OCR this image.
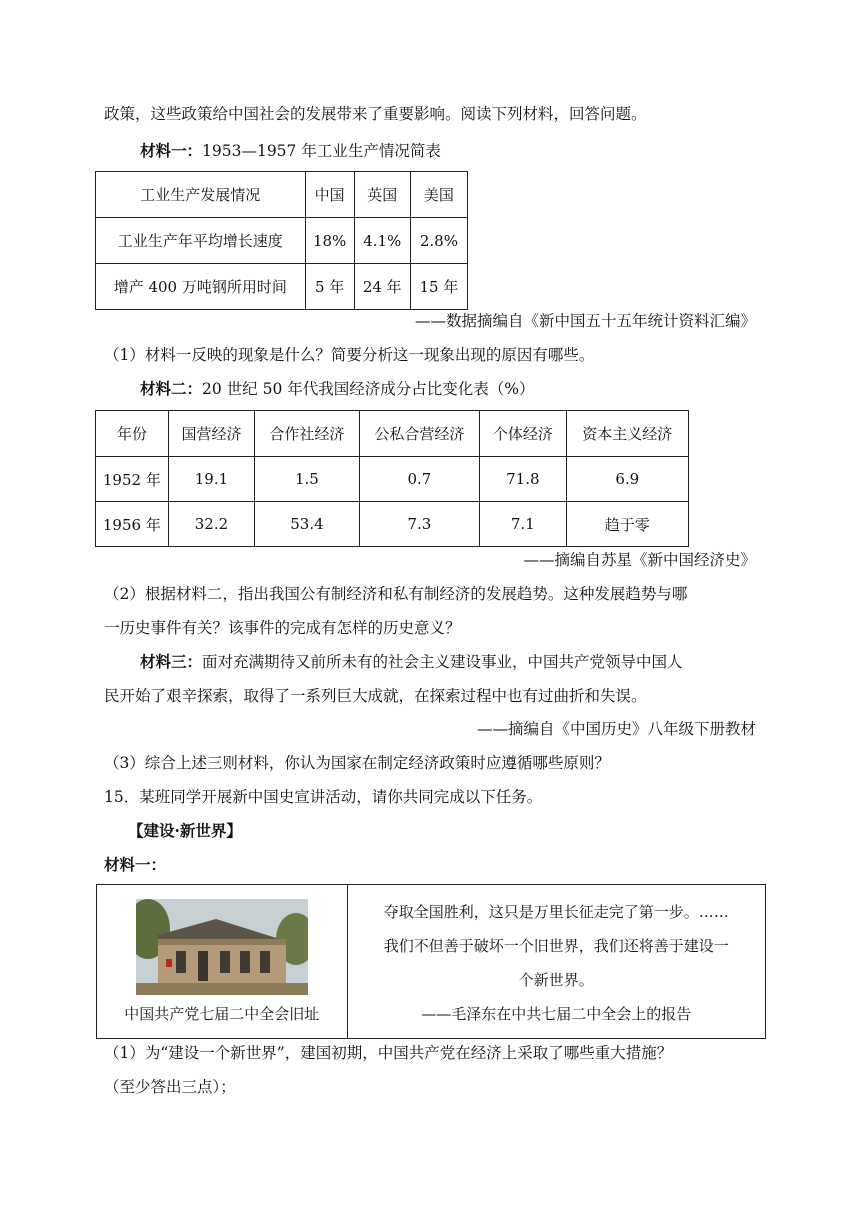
政策，这些政策给中国社会的发展带来了重要影响。阅读下列材料，回答问题。
材料一：1953—1957 年工业生产情况简表
工业生产发展情况	中国	英国	美国
工业生产年平均增长速度	18%	4.1%	2.8%
增产 400 万吨钢所用时间	5 年	24 年	15 年
——数据摘编自《新中国五十五年统计资料汇编》
（1）材料一反映的现象是什么？简要分析这一现象出现的原因有哪些。
材料二：20 世纪 50 年代我国经济成分占比变化表（%）
年份	国营经济	合作社经济	公私合营经济	个体经济	资本主义经济
1952 年	19.1	1.5	0.7	71.8	6.9
1956 年	32.2	53.4	7.3	7.1	趋于零
——摘编自苏星《新中国经济史》
（2）根据材料二，指出我国公有制经济和私有制经济的发展趋势。这种发展趋势与哪
一历史事件有关？该事件的完成有怎样的历史意义？
材料三：面对充满期待又前所未有的社会主义建设事业，中国共产党领导中国人
民开始了艰辛探索，取得了一系列巨大成就，在探索过程中也有过曲折和失误。
——摘编自《中国历史》八年级下册教材
（3）综合上述三则材料，你认为国家在制定经济政策时应遵循哪些原则？
15．某班同学开展新中国史宣讲活动，请你共同完成以下任务。
【建设·新世界】
材料一：
中国共产党七届二中全会旧址

夺取全国胜利，这只是万里长征走完了第一步。……
我们不但善于破坏一个旧世界，我们还将善于建设一
个新世界。
——毛泽东在中共七届二中全会上的报告
（1）为“建设一个新世界”，建国初期，中国共产党在经济上采取了哪些重大措施？
（至少答出三点）；
